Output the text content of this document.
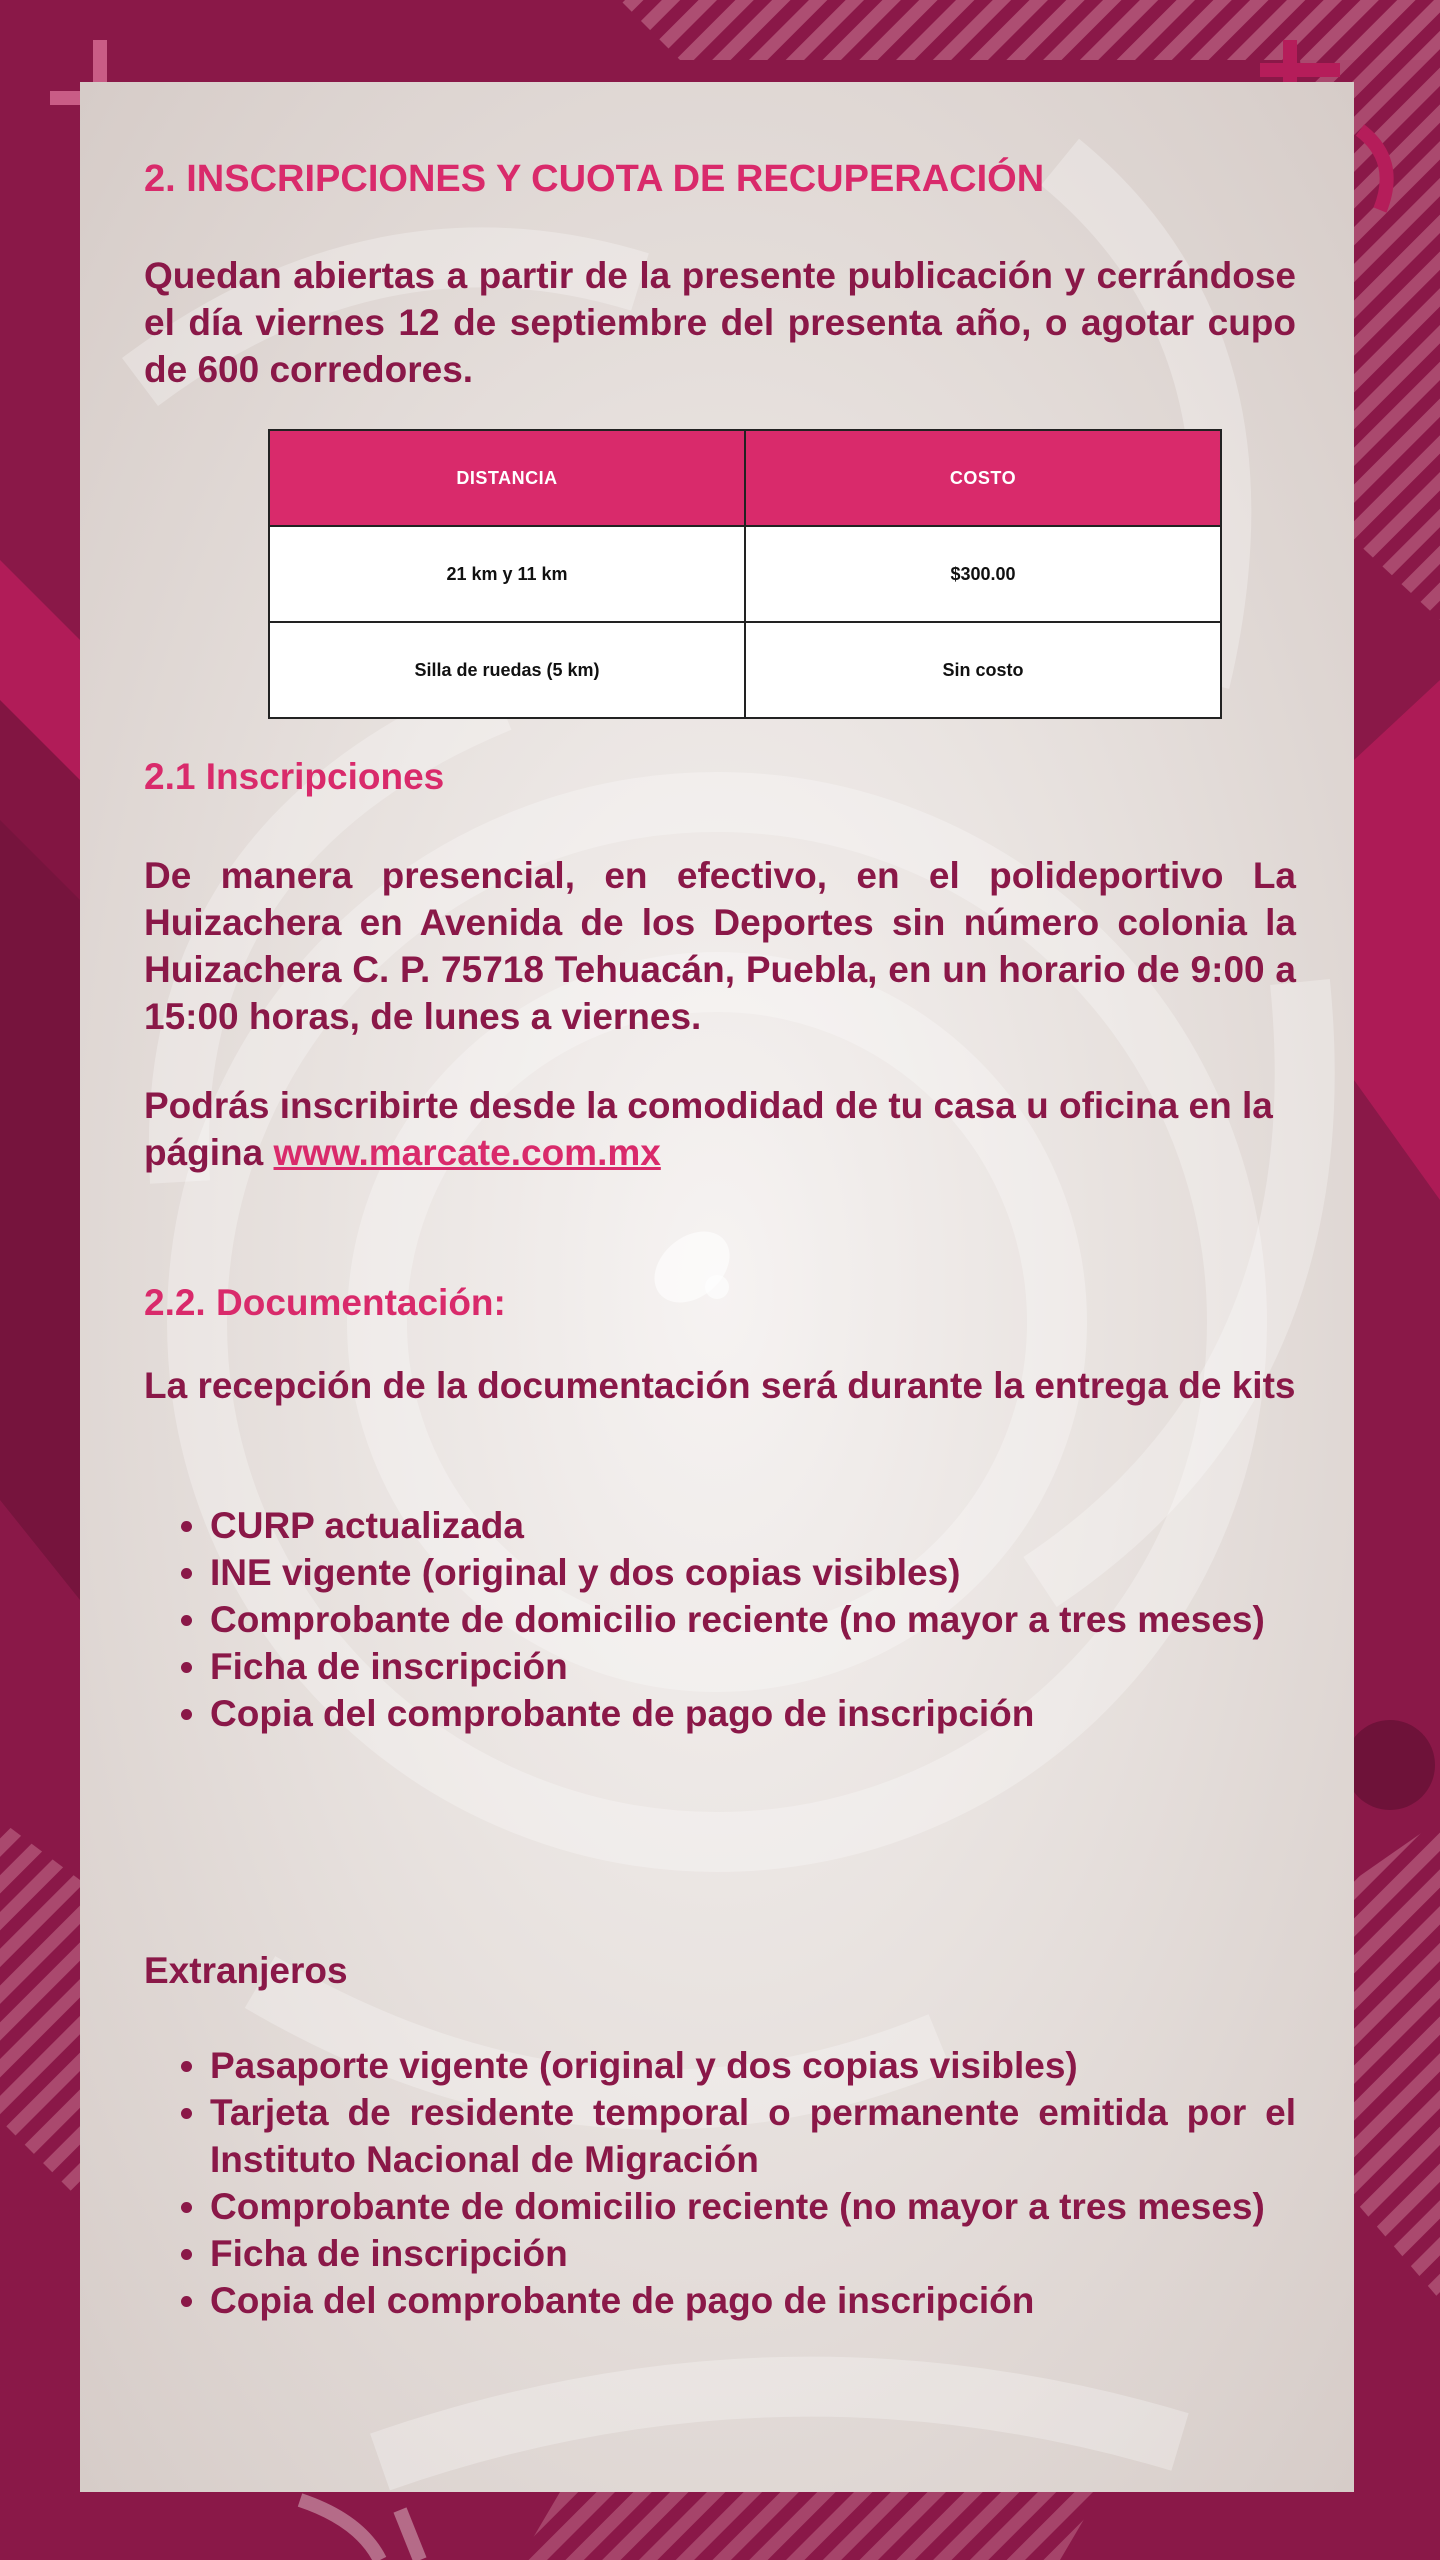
2. INSCRIPCIONES Y CUOTA DE RECUPERACIÓN

Quedan abiertas a partir de la presente publicación y cerrándose el día viernes 12 de septiembre del presenta año, o agotar cupo de 600 corredores.

DISTANCIA	COSTO
21 km y 11 km	$300.00
Silla de ruedas (5 km)	Sin costo
2.1 Inscripciones

De manera presencial, en efectivo, en el polideportivo La Huizachera en Avenida de los Deportes sin número colonia la Huizachera C. P. 75718 Tehuacán, Puebla, en un horario de 9:00 a 15:00 horas, de lunes a viernes.

Podrás inscribirte desde la comodidad de tu casa u oficina en la página www.marcate.com.mx

2.2. Documentación:

La recepción de la documentación será durante la entrega de kits

• CURP actualizada
• INE vigente (original y dos copias visibles)
• Comprobante de domicilio reciente (no mayor a tres meses)
• Ficha de inscripción
• Copia del comprobante de pago de inscripción
Extranjeros
• Pasaporte vigente (original y dos copias visibles)
• Tarjeta de residente temporal o permanente emitida por el Instituto Nacional de Migración
• Comprobante de domicilio reciente (no mayor a tres meses)
• Ficha de inscripción
• Copia del comprobante de pago de inscripción
